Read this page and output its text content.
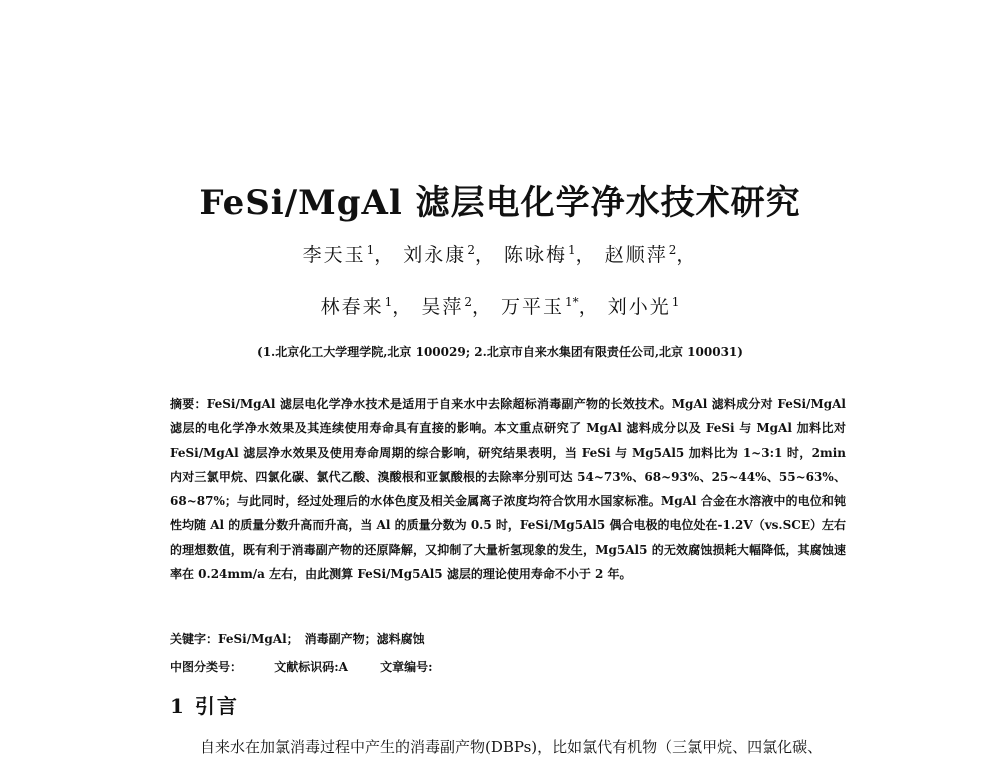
FeSi/MgAl 滤层电化学净水技术研究

李天玉$^1$， 刘永康$^2$， 陈咏梅$^1$， 赵顺萍$^2$，

林春来$^1$， 吴萍$^2$， 万平玉$^{1*}$， 刘小光$^1$

(1.北京化工大学理学院,北京 100029; 2.北京市自来水集团有限责任公司,北京 100031)

摘要：FeSi/MgAl 滤层电化学净水技术是适用于自来水中去除超标消毒副产物的长效技术。MgAl 滤料成分对 FeSi/MgAl 滤层的电化学净水效果及其连续使用寿命具有直接的影响。本文重点研究了 MgAl 滤料成分以及 FeSi 与 MgAl 加料比对 FeSi/MgAl 滤层净水效果及使用寿命周期的综合影响，研究结果表明，当 FeSi 与 Mg5Al5 加料比为 1~3:1 时，2min 内对三氯甲烷、四氯化碳、氯代乙酸、溴酸根和亚氯酸根的去除率分别可达 54~73%、68~93%、25~44%、55~63%、68~87%；与此同时，经过处理后的水体色度及相关金属离子浓度均符合饮用水国家标准。MgAl 合金在水溶液中的电位和钝性均随 Al 的质量分数升高而升高，当 Al 的质量分数为 0.5 时，FeSi/Mg5Al5 偶合电极的电位处在-1.2V（vs.SCE）左右的理想数值，既有利于消毒副产物的还原降解，又抑制了大量析氢现象的发生，Mg5Al5 的无效腐蚀损耗大幅降低，其腐蚀速率在 0.24mm/a 左右，由此测算 FeSi/Mg5Al5 滤层的理论使用寿命不小于 2 年。

关键字：FeSi/MgAl；　消毒副产物；滤料腐蚀

中图分类号：	文献标识码:A	文章编号:

1 引言

自来水在加氯消毒过程中产生的消毒副产物(DBPs)，比如氯代有机物（三氯甲烷、四氯化碳、
